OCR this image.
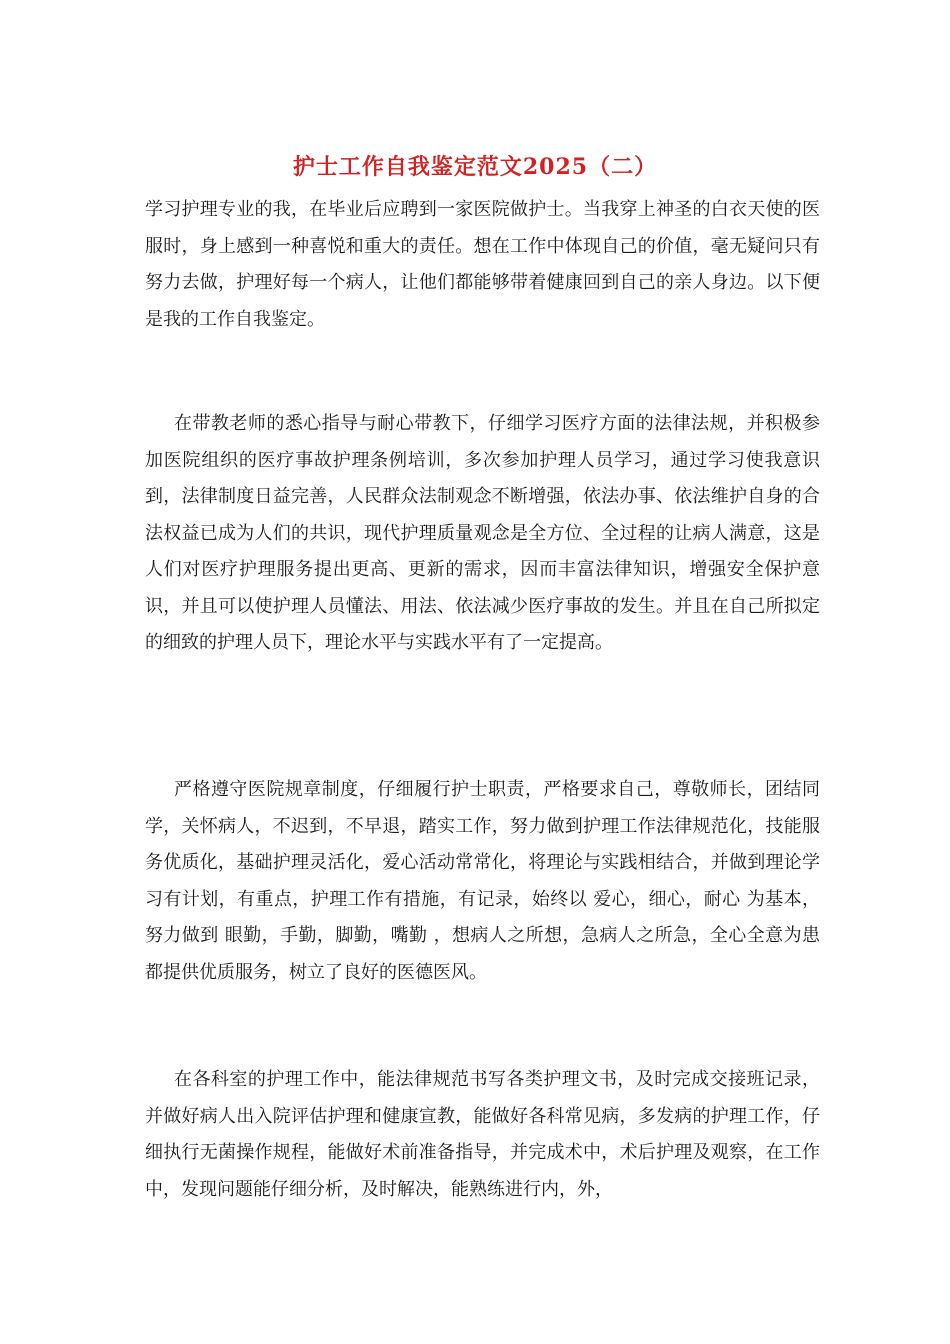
护士工作自我鉴定范文2025（二）

学习护理专业的我，在毕业后应聘到一家医院做护士。当我穿上神圣的白衣天使的医服时，身上感到一种喜悦和重大的责任。想在工作中体现自己的价值，毫无疑问只有努力去做，护理好每一个病人，让他们都能够带着健康回到自己的亲人身边。以下便是我的工作自我鉴定。

在带教老师的悉心指导与耐心带教下，仔细学习医疗方面的法律法规，并积极参加医院组织的医疗事故护理条例培训，多次参加护理人员学习，通过学习使我意识到，法律制度日益完善，人民群众法制观念不断增强，依法办事、依法维护自身的合法权益已成为人们的共识，现代护理质量观念是全方位、全过程的让病人满意，这是人们对医疗护理服务提出更高、更新的需求，因而丰富法律知识，增强安全保护意识，并且可以使护理人员懂法、用法、依法减少医疗事故的发生。并且在自己所拟定的细致的护理人员下，理论水平与实践水平有了一定提高。

严格遵守医院规章制度，仔细履行护士职责，严格要求自己，尊敬师长，团结同学，关怀病人，不迟到，不早退，踏实工作，努力做到护理工作法律规范化，技能服务优质化，基础护理灵活化，爱心活动常常化，将理论与实践相结合，并做到理论学习有计划，有重点，护理工作有措施，有记录，始终以 爱心，细心，耐心 为基本，努力做到 眼勤，手勤，脚勤，嘴勤 ，想病人之所想，急病人之所急，全心全意为患都提供优质服务，树立了良好的医德医风。

在各科室的护理工作中，能法律规范书写各类护理文书，及时完成交接班记录，并做好病人出入院评估护理和健康宣教，能做好各科常见病，多发病的护理工作，仔细执行无菌操作规程，能做好术前准备指导，并完成术中，术后护理及观察，在工作中，发现问题能仔细分析，及时解决，能熟练进行内，外，
